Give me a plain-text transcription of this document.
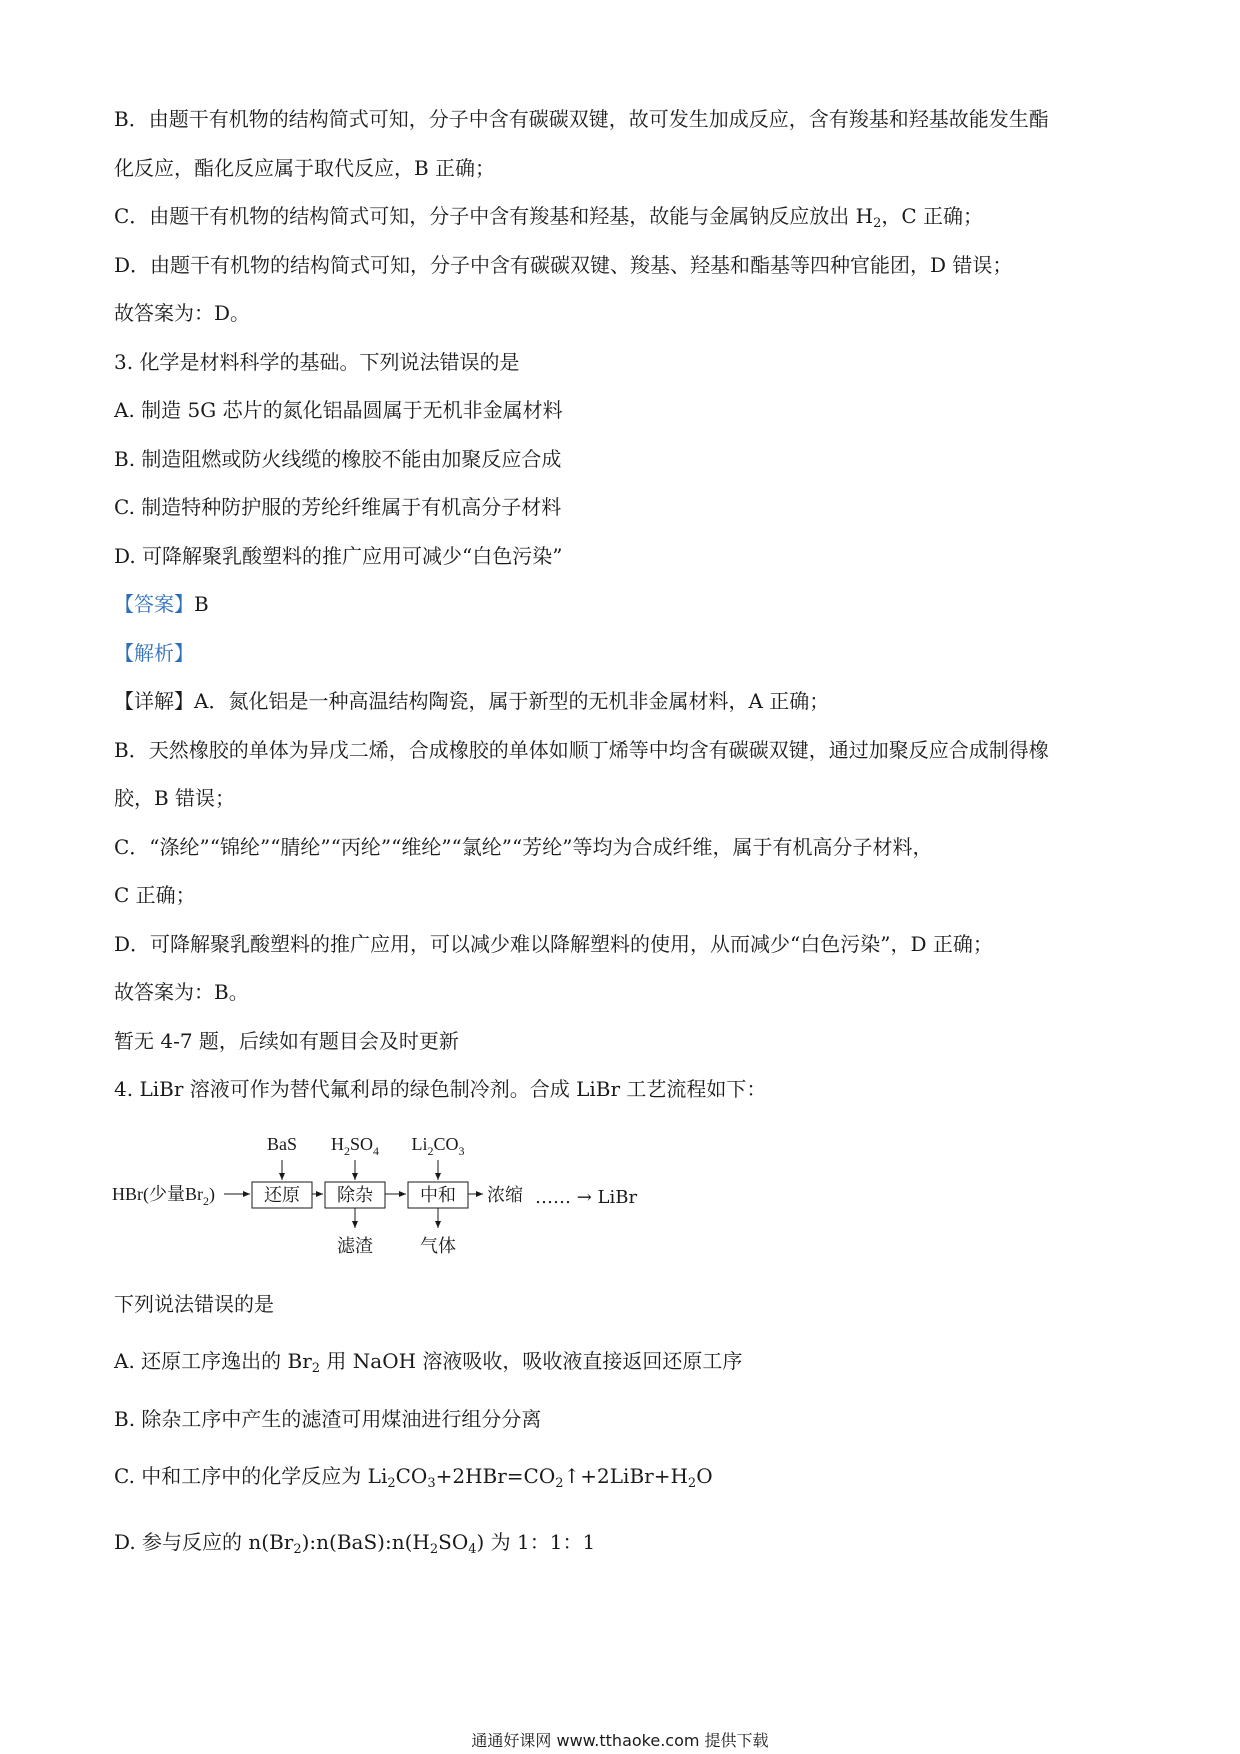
B．由题干有机物的结构简式可知，分子中含有碳碳双键，故可发生加成反应，含有羧基和羟基故能发生酯
化反应，酯化反应属于取代反应，B 正确；
C．由题干有机物的结构简式可知，分子中含有羧基和羟基，故能与金属钠反应放出 $H_2$，C 正确；
D．由题干有机物的结构简式可知，分子中含有碳碳双键、羧基、羟基和酯基等四种官能团，D 错误；
故答案为：D。
3. 化学是材料科学的基础。下列说法错误的是
A. 制造 5G 芯片的氮化铝晶圆属于无机非金属材料
B. 制造阻燃或防火线缆的橡胶不能由加聚反应合成
C. 制造特种防护服的芳纶纤维属于有机高分子材料
D. 可降解聚乳酸塑料的推广应用可减少“白色污染”
【答案】B
【解析】
【详解】A．氮化铝是一种高温结构陶瓷，属于新型的无机非金属材料，A 正确；
B．天然橡胶的单体为异戊二烯，合成橡胶的单体如顺丁烯等中均含有碳碳双键，通过加聚反应合成制得橡
胶，B 错误；
C．“涤纶”“锦纶”“腈纶”“丙纶”“维纶”“氯纶”“芳纶”等均为合成纤维，属于有机高分子材料，
C 正确；
D．可降解聚乳酸塑料的推广应用，可以减少难以降解塑料的使用，从而减少“白色污染”，D 正确；
故答案为：B。
暂无 4-7 题，后续如有题目会及时更新
4. LiBr 溶液可作为替代氟利昂的绿色制冷剂。合成 LiBr 工艺流程如下：
BaS $H_2SO_4$ $Li_2CO_3$
HBr(少量$Br_2$)	还原 除杂	中和 浓缩
滤渣	气体
…… → LiBr
下列说法错误的是
A. 还原工序逸出的 $Br_2$ 用 NaOH 溶液吸收，吸收液直接返回还原工序
B. 除杂工序中产生的滤渣可用煤油进行组分分离
C. 中和工序中的化学反应为 $Li_2CO_3+2HBr=CO_2↑+2LiBr+H_2O$
D. 参与反应的 $n(Br_2):n(BaS):n(H_2SO_4)$ 为 1：1：1
通通好课网 www.tthaoke.com 提供下载
